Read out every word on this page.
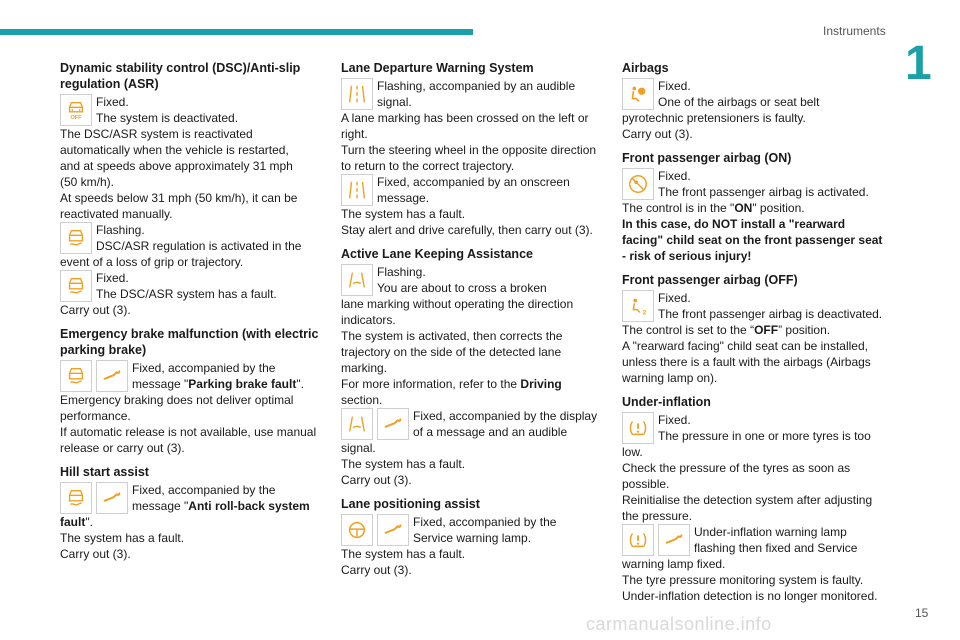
Instruments
1
Dynamic stability control (DSC)/Anti-slip regulation (ASR)
OFF

Fixed.

The system is deactivated.

The DSC/ASR system is reactivated

automatically when the vehicle is restarted,

and at speeds above approximately 31 mph

(50 km/h).

At speeds below 31 mph (50 km/h), it can be

reactivated manually.

Flashing.

DSC/ASR regulation is activated in the

event of a loss of grip or trajectory.

Fixed.

The DSC/ASR system has a fault.

Carry out (3).

Emergency brake malfunction (with electric parking brake)

Fixed, accompanied by the

message "Parking brake fault".

Emergency braking does not deliver optimal

performance.

If automatic release is not available, use manual

release or carry out (3).

Hill start assist

Fixed, accompanied by the

message "Anti roll-back system

fault".

The system has a fault.

Carry out (3).

Lane Departure Warning System

Flashing, accompanied by an audible

signal.

A lane marking has been crossed on the left or

right.

Turn the steering wheel in the opposite direction

to return to the correct trajectory.

Fixed, accompanied by an onscreen

message.

The system has a fault.

Stay alert and drive carefully, then carry out (3).

Active Lane Keeping Assistance

Flashing.

You are about to cross a broken

lane marking without operating the direction

indicators.

The system is activated, then corrects the

trajectory on the side of the detected lane

marking.

For more information, refer to the Driving

section.

Fixed, accompanied by the display

of a message and an audible

signal.

The system has a fault.

Carry out (3).

Lane positioning assist

Fixed, accompanied by the

Service warning lamp.

The system has a fault.

Carry out (3).

Airbags

Fixed.

One of the airbags or seat belt

pyrotechnic pretensioners is faulty.

Carry out (3).

Front passenger airbag (ON)

Fixed.

The front passenger airbag is activated.

The control is in the "ON" position.

In this case, do NOT install a "rearward

facing" child seat on the front passenger seat

- risk of serious injury!

Front passenger airbag (OFF)
2

Fixed.

The front passenger airbag is deactivated.

The control is set to the “OFF” position.

A "rearward facing" child seat can be installed,

unless there is a fault with the airbags (Airbags

warning lamp on).

Under-inflation

Fixed.

The pressure in one or more tyres is too

low.

Check the pressure of the tyres as soon as

possible.

Reinitialise the detection system after adjusting

the pressure.

Under-inflation warning lamp

flashing then fixed and Service

warning lamp fixed.

The tyre pressure monitoring system is faulty.

Under-inflation detection is no longer monitored.

15
carmanualsonline.info
